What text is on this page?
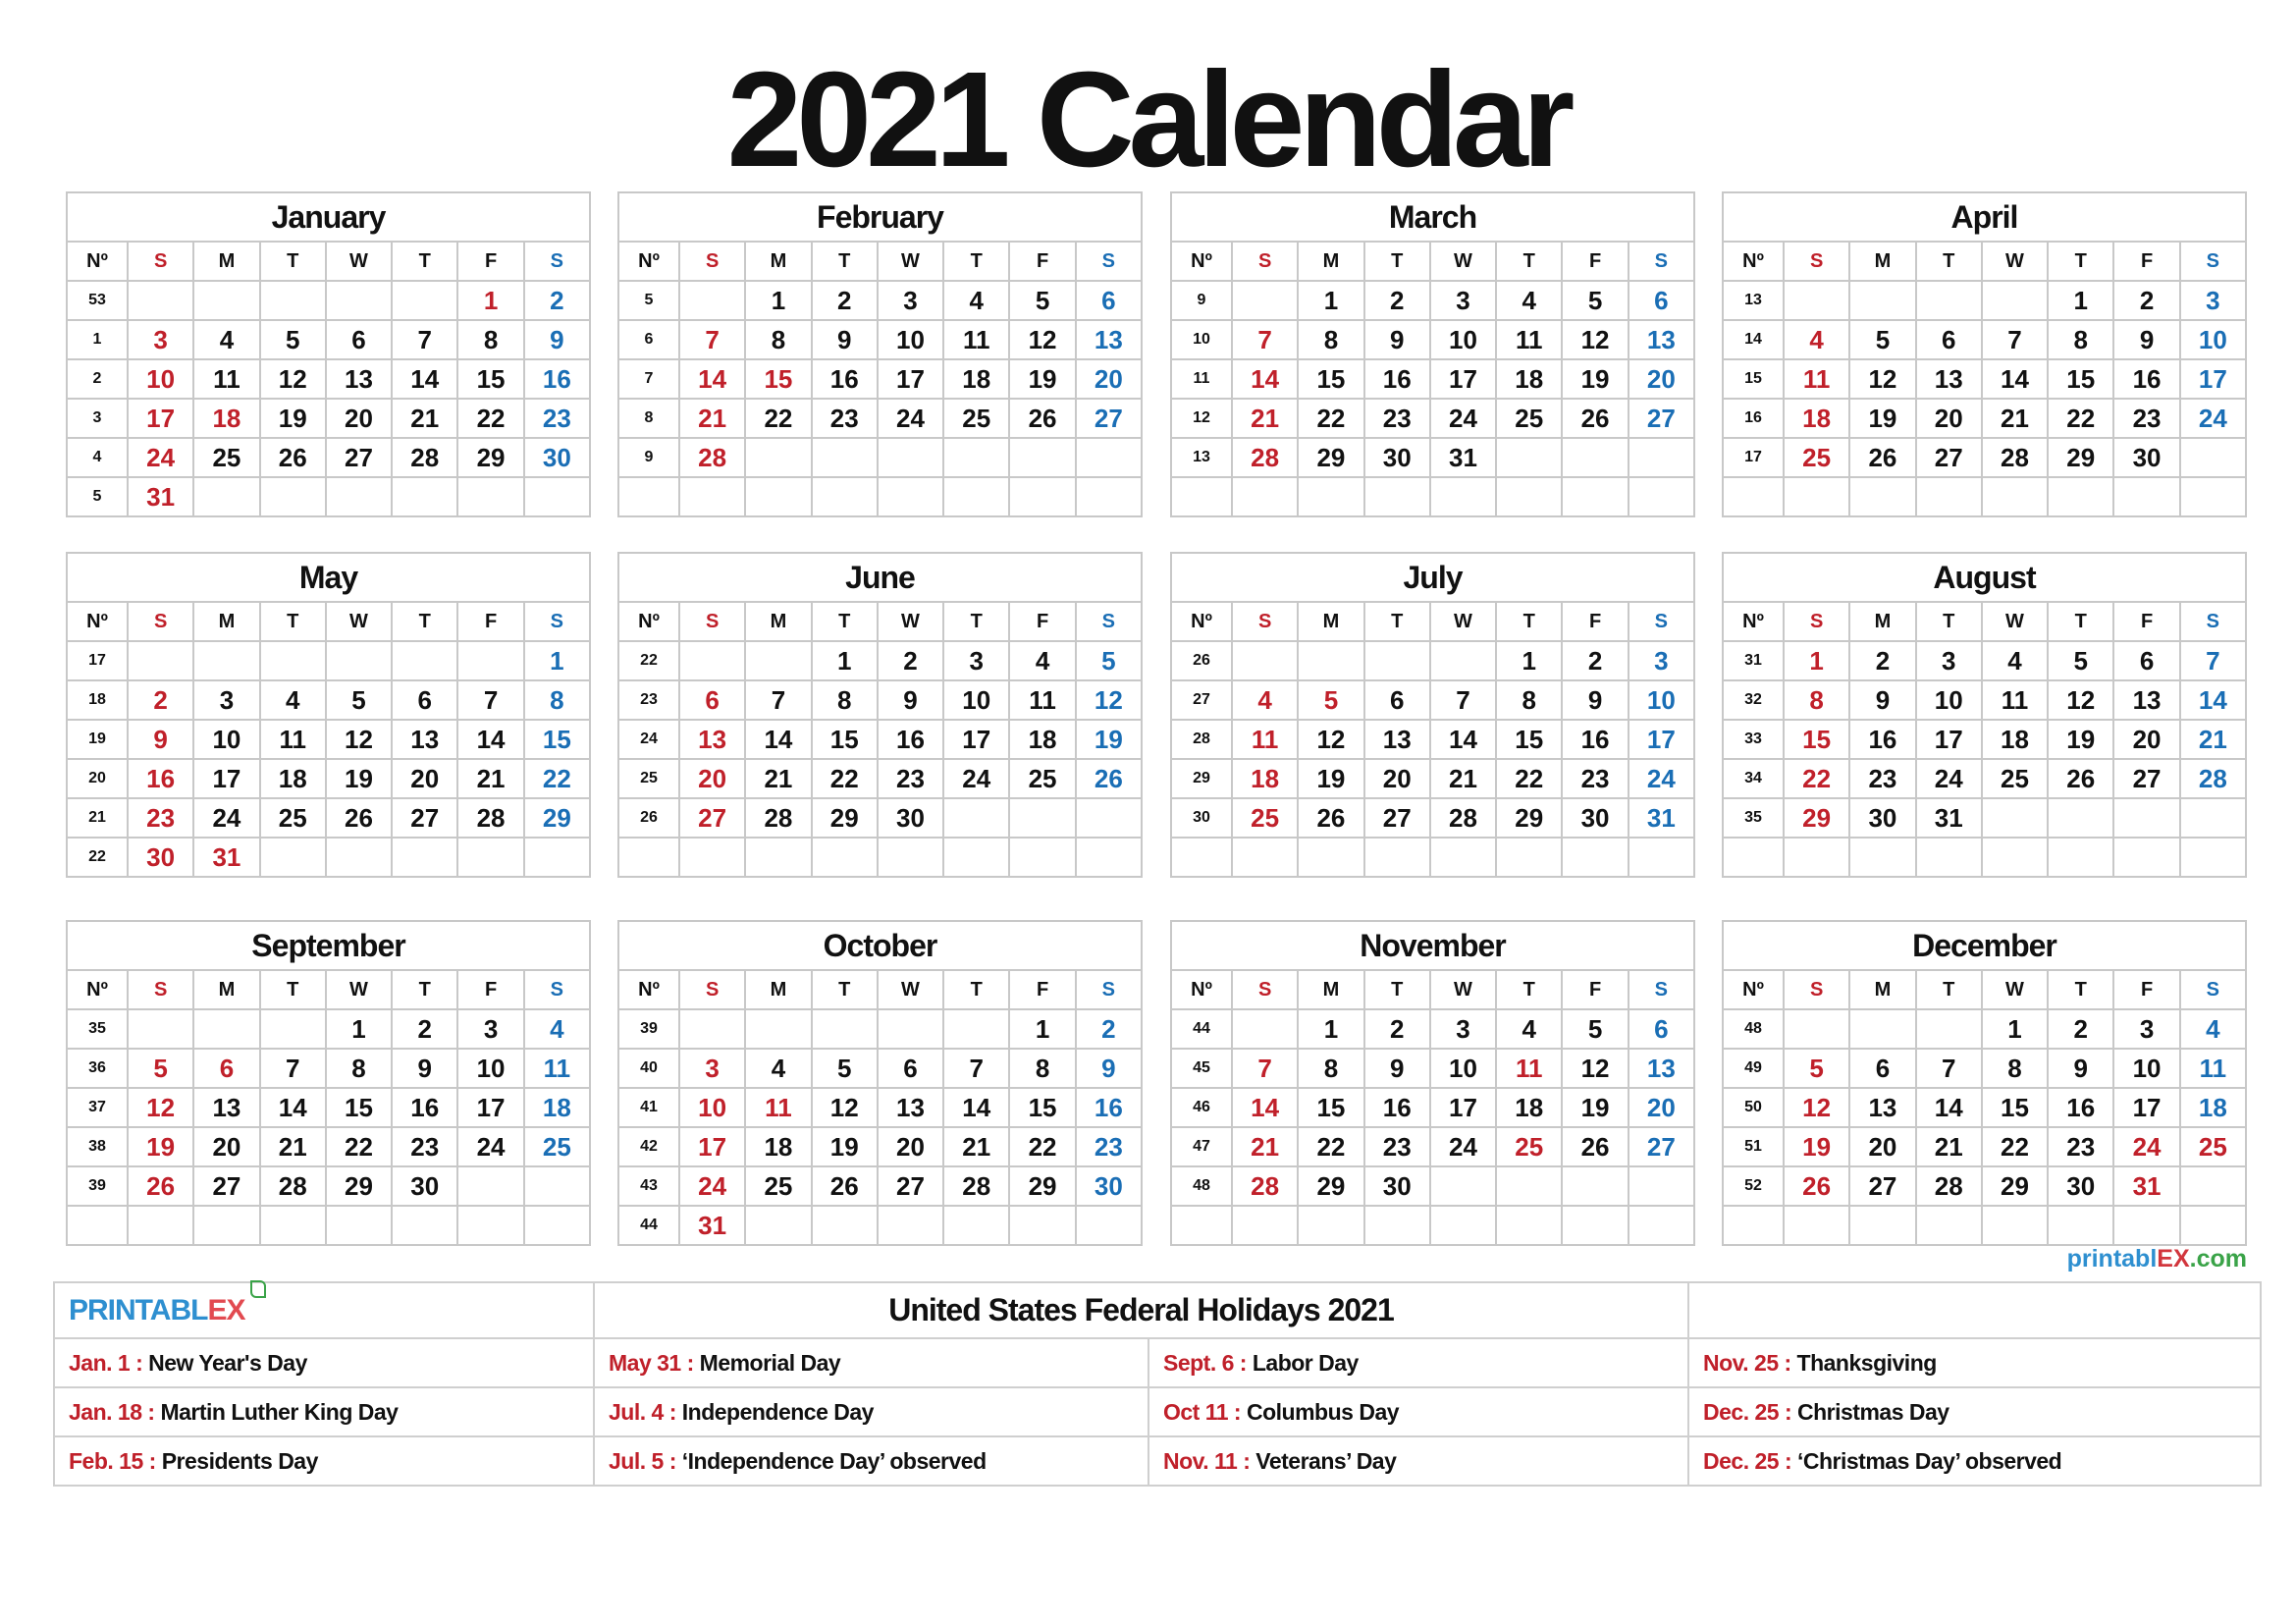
2021 Calendar
January							
Nº	S	M	T	W	T	F	S
53						1	2
1	3	4	5	6	7	8	9
2	10	11	12	13	14	15	16
3	17	18	19	20	21	22	23
4	24	25	26	27	28	29	30
5	31						
February							
Nº	S	M	T	W	T	F	S
5		1	2	3	4	5	6
6	7	8	9	10	11	12	13
7	14	15	16	17	18	19	20
8	21	22	23	24	25	26	27
9	28						

March							
Nº	S	M	T	W	T	F	S
9		1	2	3	4	5	6
10	7	8	9	10	11	12	13
11	14	15	16	17	18	19	20
12	21	22	23	24	25	26	27
13	28	29	30	31			

April							
Nº	S	M	T	W	T	F	S
13					1	2	3
14	4	5	6	7	8	9	10
15	11	12	13	14	15	16	17
16	18	19	20	21	22	23	24
17	25	26	27	28	29	30	

May							
Nº	S	M	T	W	T	F	S
17							1
18	2	3	4	5	6	7	8
19	9	10	11	12	13	14	15
20	16	17	18	19	20	21	22
21	23	24	25	26	27	28	29
22	30	31					
June							
Nº	S	M	T	W	T	F	S
22			1	2	3	4	5
23	6	7	8	9	10	11	12
24	13	14	15	16	17	18	19
25	20	21	22	23	24	25	26
26	27	28	29	30			

July							
Nº	S	M	T	W	T	F	S
26					1	2	3
27	4	5	6	7	8	9	10
28	11	12	13	14	15	16	17
29	18	19	20	21	22	23	24
30	25	26	27	28	29	30	31

August							
Nº	S	M	T	W	T	F	S
31	1	2	3	4	5	6	7
32	8	9	10	11	12	13	14
33	15	16	17	18	19	20	21
34	22	23	24	25	26	27	28
35	29	30	31				

September							
Nº	S	M	T	W	T	F	S
35				1	2	3	4
36	5	6	7	8	9	10	11
37	12	13	14	15	16	17	18
38	19	20	21	22	23	24	25
39	26	27	28	29	30		

October							
Nº	S	M	T	W	T	F	S
39						1	2
40	3	4	5	6	7	8	9
41	10	11	12	13	14	15	16
42	17	18	19	20	21	22	23
43	24	25	26	27	28	29	30
44	31						
November							
Nº	S	M	T	W	T	F	S
44		1	2	3	4	5	6
45	7	8	9	10	11	12	13
46	14	15	16	17	18	19	20
47	21	22	23	24	25	26	27
48	28	29	30				

December							
Nº	S	M	T	W	T	F	S
48				1	2	3	4
49	5	6	7	8	9	10	11
50	12	13	14	15	16	17	18
51	19	20	21	22	23	24	25
52	26	27	28	29	30	31	

printablEX.com
PRINTABLEX	United States Federal Holidays 2021		
Jan. 1 : New Year's Day	May 31 : Memorial Day	Sept. 6 : Labor Day	Nov. 25 : Thanksgiving
Jan. 18 : Martin Luther King Day	Jul. 4 : Independence Day	Oct 11 : Columbus Day	Dec. 25 : Christmas Day
Feb. 15 : Presidents Day	Jul. 5 : ‘Independence Day’ observed	Nov. 11 : Veterans’ Day	Dec. 25 : ‘Christmas Day’ observed
